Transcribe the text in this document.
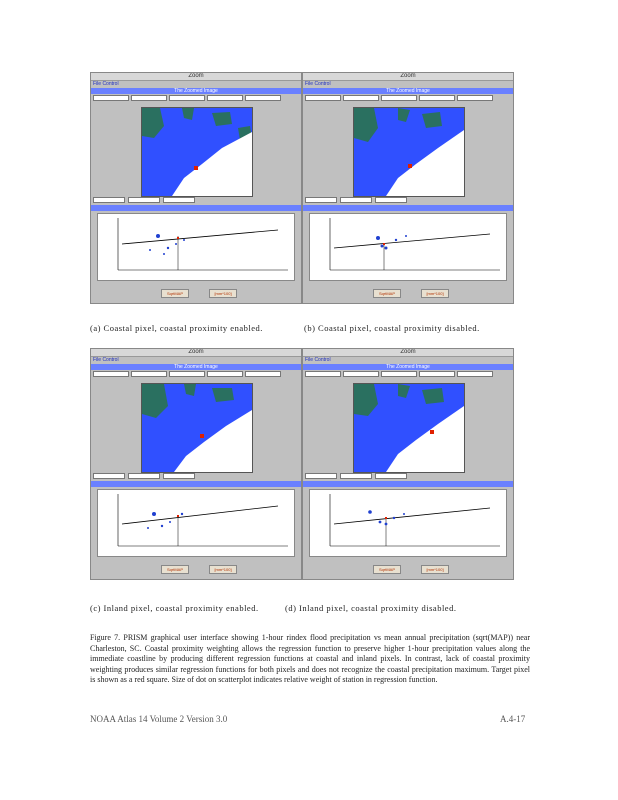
Zoom
File Control
The Zoomed Image
SqrtMAP	[mm*100]
Zoom
File Control
The Zoomed Image
SqrtMAP	[mm*100]
(a) Coastal pixel, coastal proximity enabled.	(b) Coastal pixel, coastal proximity disabled.
Zoom
File Control
The Zoomed Image
SqrtMAP	[mm*100]
Zoom
File Control
The Zoomed Image
SqrtMAP	[mm*100]
(c) Inland pixel, coastal proximity enabled.	(d) Inland pixel, coastal proximity disabled.
Figure 7. PRISM graphical user interface showing 1-hour rindex flood precipitation vs mean annual precipitation (sqrt(MAP)) near Charleston, SC. Coastal proximity weighting allows the regression function to preserve higher 1-hour precipitation values along the immediate coastline by producing different regression functions at coastal and inland pixels. In contrast, lack of coastal proximity weighting produces similar regression functions for both pixels and does not recognize the coastal precipitation maximum. Target pixel is shown as a red square. Size of dot on scatterplot indicates relative weight of station in regression function.
NOAA Atlas 14 Volume 2 Version 3.0	A.4-17
